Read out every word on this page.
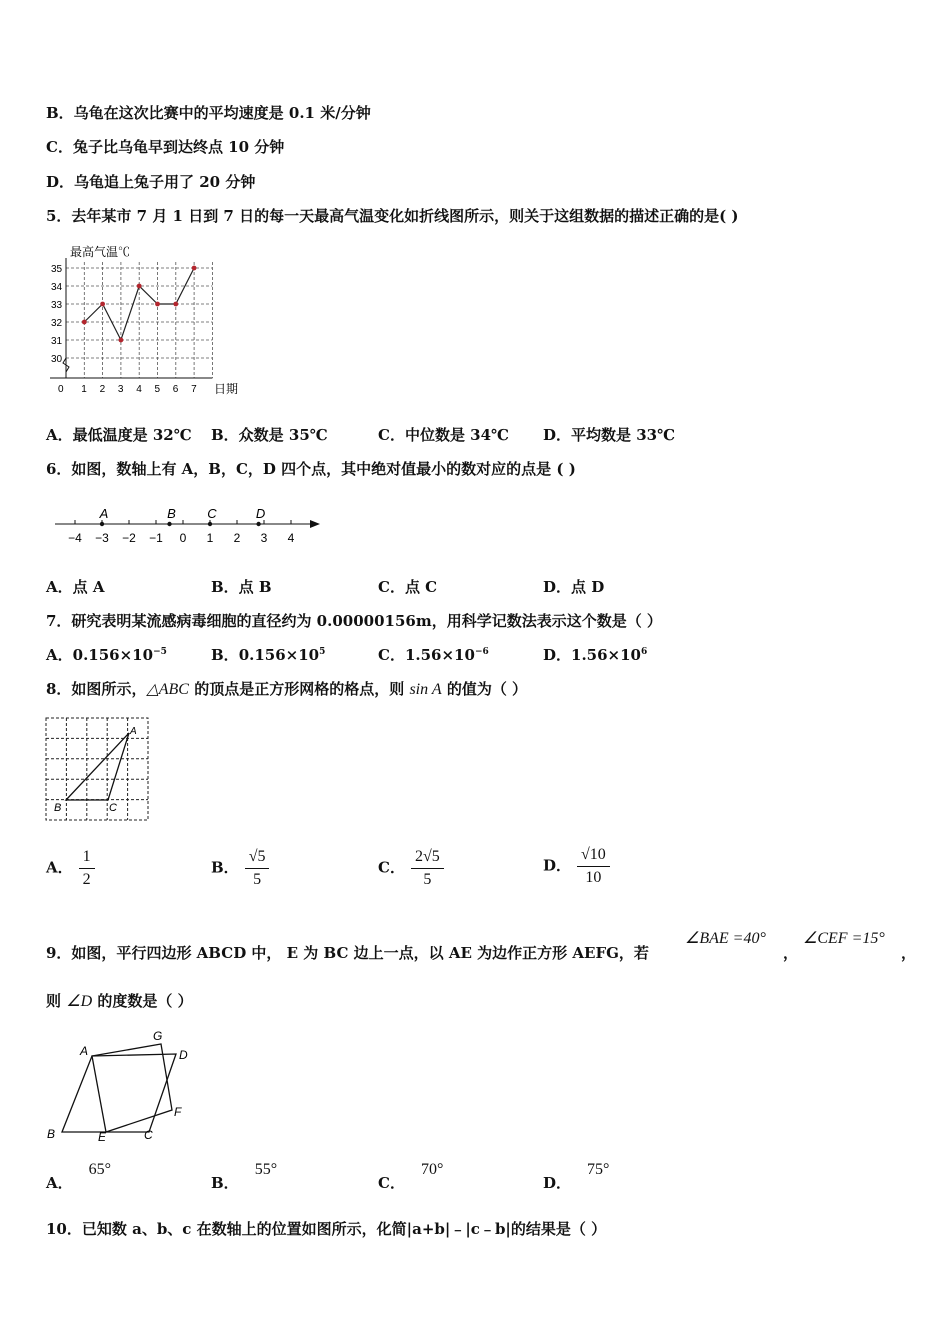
B．乌龟在这次比赛中的平均速度是 0.1 米/分钟
C．兔子比乌龟早到达终点 10 分钟
D．乌龟追上兔子用了 20 分钟
5．去年某市 7 月 1 日到 7 日的每一天最高气温变化如折线图所示，则关于这组数据的描述正确的是( )
35
34
33
32
31
30
0 1 2 3 4 5 6 7
最高气温℃
日期
A．最低温度是 32℃ B．众数是 35℃	C．中位数是 34℃ D．平均数是 33℃
6．如图，数轴上有 A，B，C，D 四个点，其中绝对值最小的数对应的点是 ( )
−4 −3 −2 −1 0 1 2 3 4
A	B C	D
A．点 A	B．点 B	C．点 C	D．点 D
7．研究表明某流感病毒细胞的直径约为 0.00000156m，用科学记数法表示这个数是（ ）
A．$0.156\times 10^{-5}$	B．$0.156\times 10^5$	C．$1.56\times 10^{-6}$	D．$1.56\times 10^6$
8．如图所示，△ABC 的顶点是正方形网格的格点，则 sin A 的值为（ ）
A
B	C
A． $\frac{1}{2}$	B． $\frac{√5}{5}$	C． $\frac{2√5}{5}$	D． $\frac{√10}{10}$
9．如图，平行四边形 ABCD 中， E 为 BC 边上一点，以 AE 为边作正方形 AEFG，若
∠BAE =40°
，
∠CEF =15°
，
则 ∠D 的度数是（ ）
A
G
D
B	E	C
F
A．65°
B．55°
C．70°
D．75°
10．已知数 a、b、c 在数轴上的位置如图所示，化简|a+b|﹣|c﹣b|的结果是（ ）
